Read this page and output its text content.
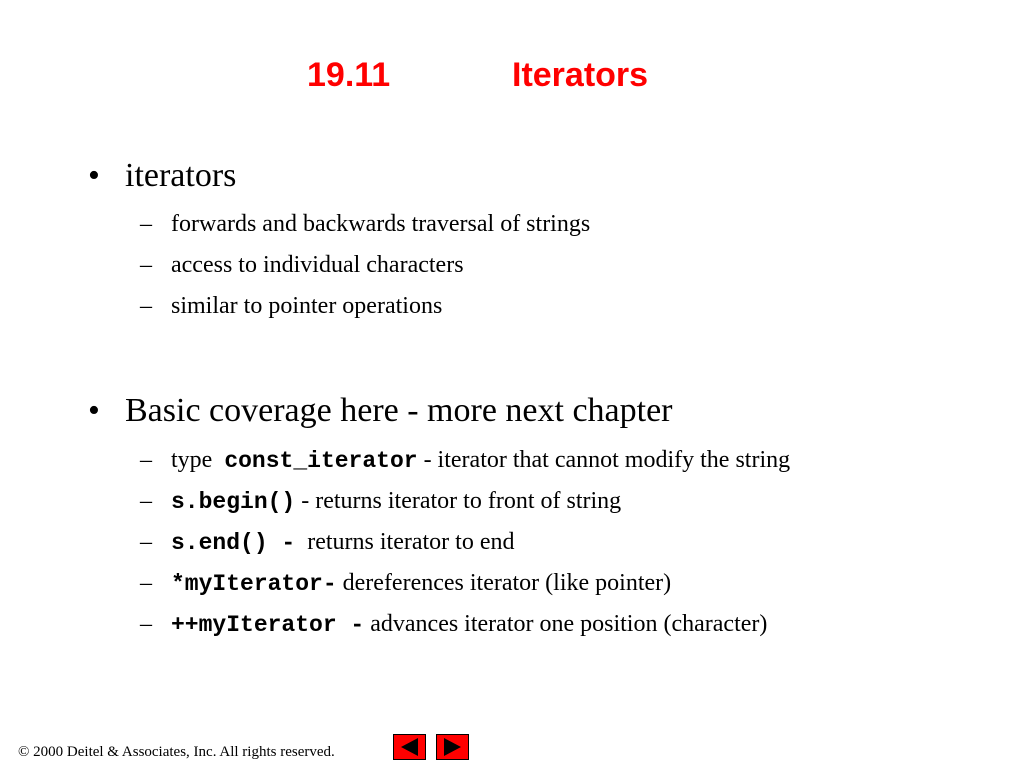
19.11	Iterators
• iterators
– forwards and backwards traversal of strings
– access to individual characters
– similar to pointer operations
• Basic coverage here - more next chapter
– type  const_iterator - iterator that cannot modify the string
– s.begin() - returns iterator to front of string
– s.end() -  returns iterator to end
– *myIterator- dereferences iterator (like pointer)
– ++myIterator - advances iterator one position (character)
© 2000 Deitel & Associates, Inc. All rights reserved.
